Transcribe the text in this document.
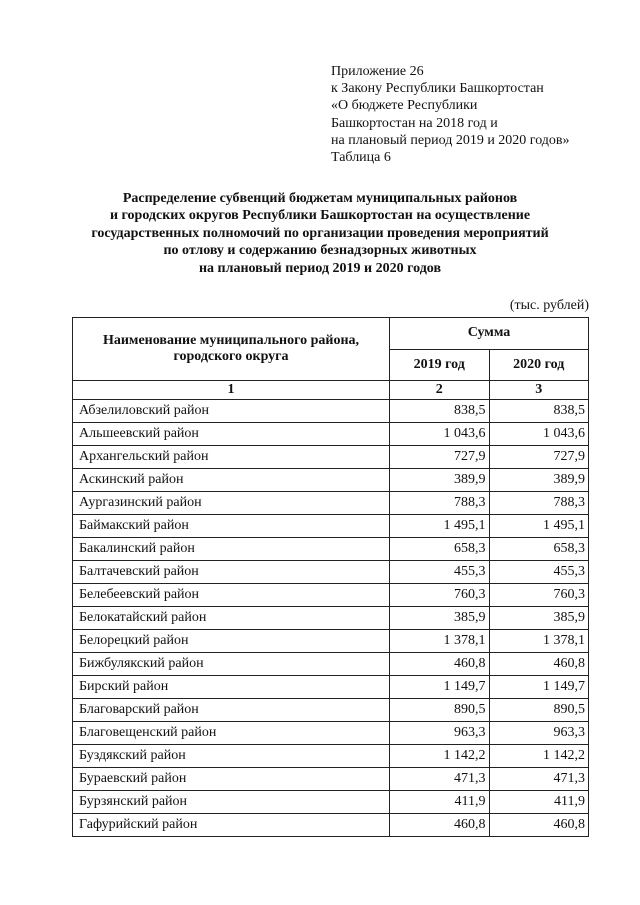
Приложение 26
к Закону Республики Башкортостан
«О бюджете Республики
Башкортостан на 2018 год и
на плановый период 2019 и 2020 годов»
Таблица 6
Распределение субвенций бюджетам муниципальных районов
и городских округов Республики Башкортостан на осуществление
государственных полномочий по организации проведения мероприятий
по отлову и содержанию безнадзорных животных
на плановый период 2019 и 2020 годов
(тыс. рублей)
Наименование муниципального района, городского округа	Сумма	
	2019 год	2020 год
1	2	3
Абзелиловский район	838,5	838,5
Альшеевский район	1 043,6	1 043,6
Архангельский район	727,9	727,9
Аскинский район	389,9	389,9
Аургазинский район	788,3	788,3
Баймакский район	1 495,1	1 495,1
Бакалинский район	658,3	658,3
Балтачевский район	455,3	455,3
Белебеевский район	760,3	760,3
Белокатайский район	385,9	385,9
Белорецкий район	1 378,1	1 378,1
Бижбулякский район	460,8	460,8
Бирский район	1 149,7	1 149,7
Благоварский район	890,5	890,5
Благовещенский район	963,3	963,3
Буздякский район	1 142,2	1 142,2
Бураевский район	471,3	471,3
Бурзянский район	411,9	411,9
Гафурийский район	460,8	460,8
